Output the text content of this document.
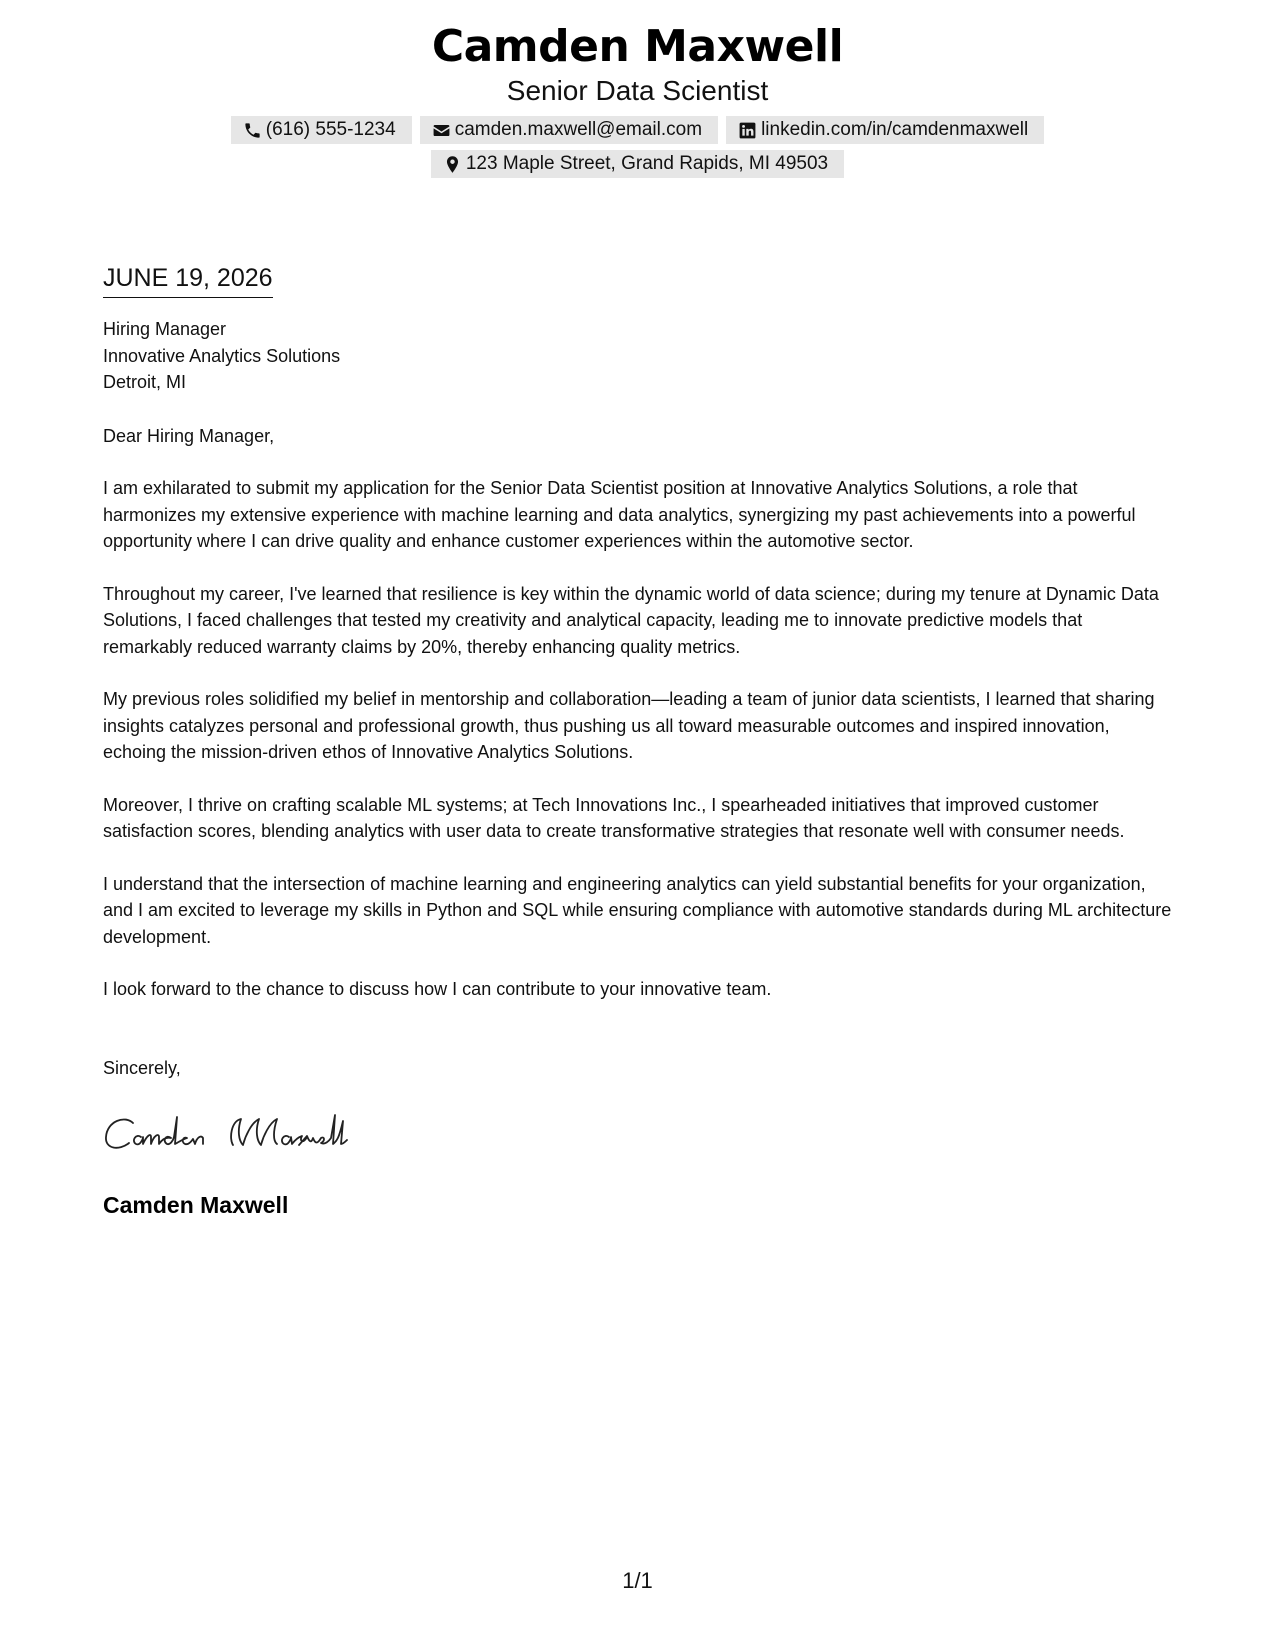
Camden Maxwell
Senior Data Scientist
(616) 555-1234	camden.maxwell@email.com	linkedin.com/in/camdenmaxwell
123 Maple Street, Grand Rapids, MI 49503
JUNE 19, 2026
Hiring Manager
Innovative Analytics Solutions
Detroit, MI
Dear Hiring Manager,
I am exhilarated to submit my application for the Senior Data Scientist position at Innovative Analytics Solutions, a role that harmonizes my extensive experience with machine learning and data analytics, synergizing my past achievements into a powerful opportunity where I can drive quality and enhance customer experiences within the automotive sector.
Throughout my career, I've learned that resilience is key within the dynamic world of data science; during my tenure at Dynamic Data Solutions, I faced challenges that tested my creativity and analytical capacity, leading me to innovate predictive models that remarkably reduced warranty claims by 20%, thereby enhancing quality metrics.
My previous roles solidified my belief in mentorship and collaboration—leading a team of junior data scientists, I learned that sharing insights catalyzes personal and professional growth, thus pushing us all toward measurable outcomes and inspired innovation, echoing the mission-driven ethos of Innovative Analytics Solutions.
Moreover, I thrive on crafting scalable ML systems; at Tech Innovations Inc., I spearheaded initiatives that improved customer satisfaction scores, blending analytics with user data to create transformative strategies that resonate well with consumer needs.
I understand that the intersection of machine learning and engineering analytics can yield substantial benefits for your organization, and I am excited to leverage my skills in Python and SQL while ensuring compliance with automotive standards during ML architecture development.
I look forward to the chance to discuss how I can contribute to your innovative team.
Sincerely,
Camden Maxwell
1/1
